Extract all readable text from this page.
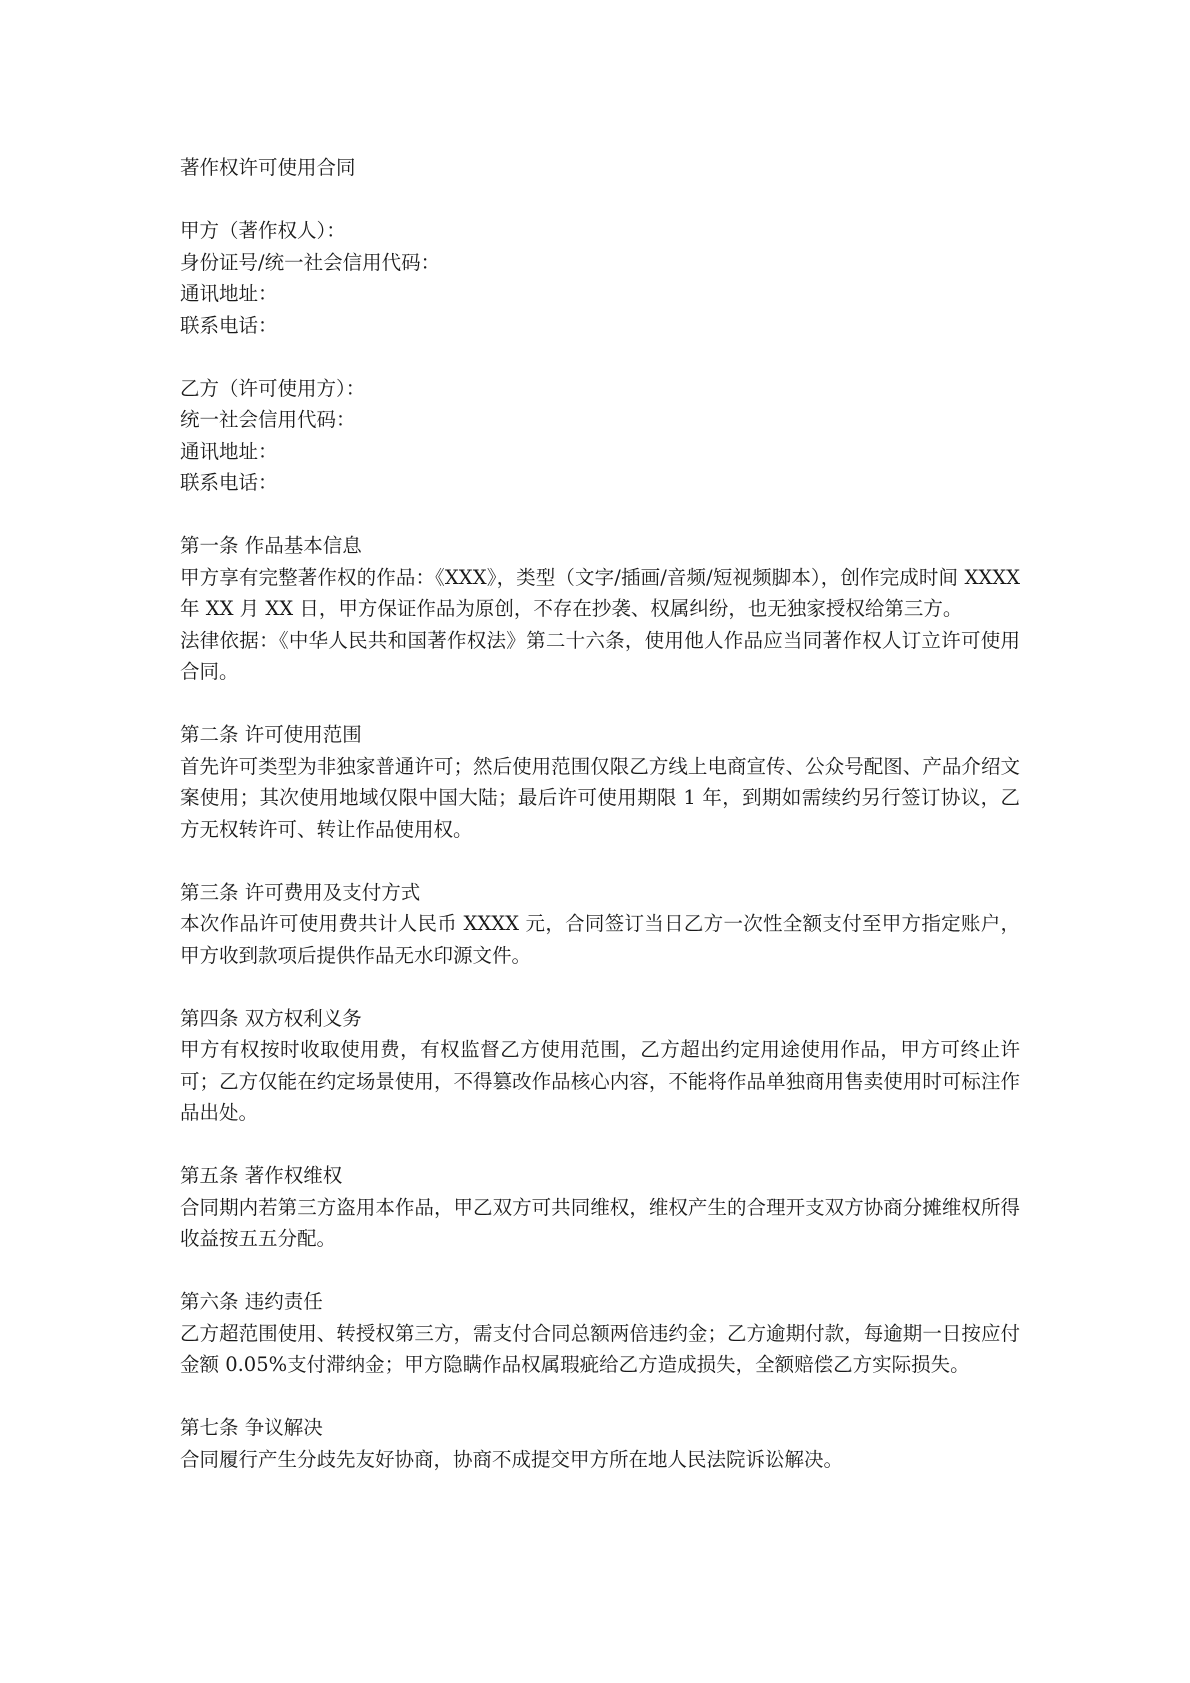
著作权许可使用合同
甲方（著作权人）：
身份证号/统一社会信用代码：
通讯地址：
联系电话：
乙方（许可使用方）：
统一社会信用代码：
通讯地址：
联系电话：
第一条 作品基本信息
甲方享有完整著作权的作品：《XXX》，类型（文字/插画/音频/短视频脚本），创作完成时间 XXXX 年 XX 月 XX 日，甲方保证作品为原创，不存在抄袭、权属纠纷，也无独家授权给第三方。
法律依据：《中华人民共和国著作权法》第二十六条，使用他人作品应当同著作权人订立许可使用合同。
第二条 许可使用范围
首先许可类型为非独家普通许可；然后使用范围仅限乙方线上电商宣传、公众号配图、产品介绍文案使用；其次使用地域仅限中国大陆；最后许可使用期限 1 年，到期如需续约另行签订协议，乙方无权转许可、转让作品使用权。
第三条 许可费用及支付方式
本次作品许可使用费共计人民币 XXXX 元，合同签订当日乙方一次性全额支付至甲方指定账户，甲方收到款项后提供作品无水印源文件。
第四条 双方权利义务
甲方有权按时收取使用费，有权监督乙方使用范围，乙方超出约定用途使用作品，甲方可终止许可；乙方仅能在约定场景使用，不得篡改作品核心内容，不能将作品单独商用售卖使用时可标注作品出处。
第五条 著作权维权
合同期内若第三方盗用本作品，甲乙双方可共同维权，维权产生的合理开支双方协商分摊维权所得收益按五五分配。
第六条 违约责任
乙方超范围使用、转授权第三方，需支付合同总额两倍违约金；乙方逾期付款，每逾期一日按应付金额 0.05%支付滞纳金；甲方隐瞒作品权属瑕疵给乙方造成损失，全额赔偿乙方实际损失。
第七条 争议解决
合同履行产生分歧先友好协商，协商不成提交甲方所在地人民法院诉讼解决。
